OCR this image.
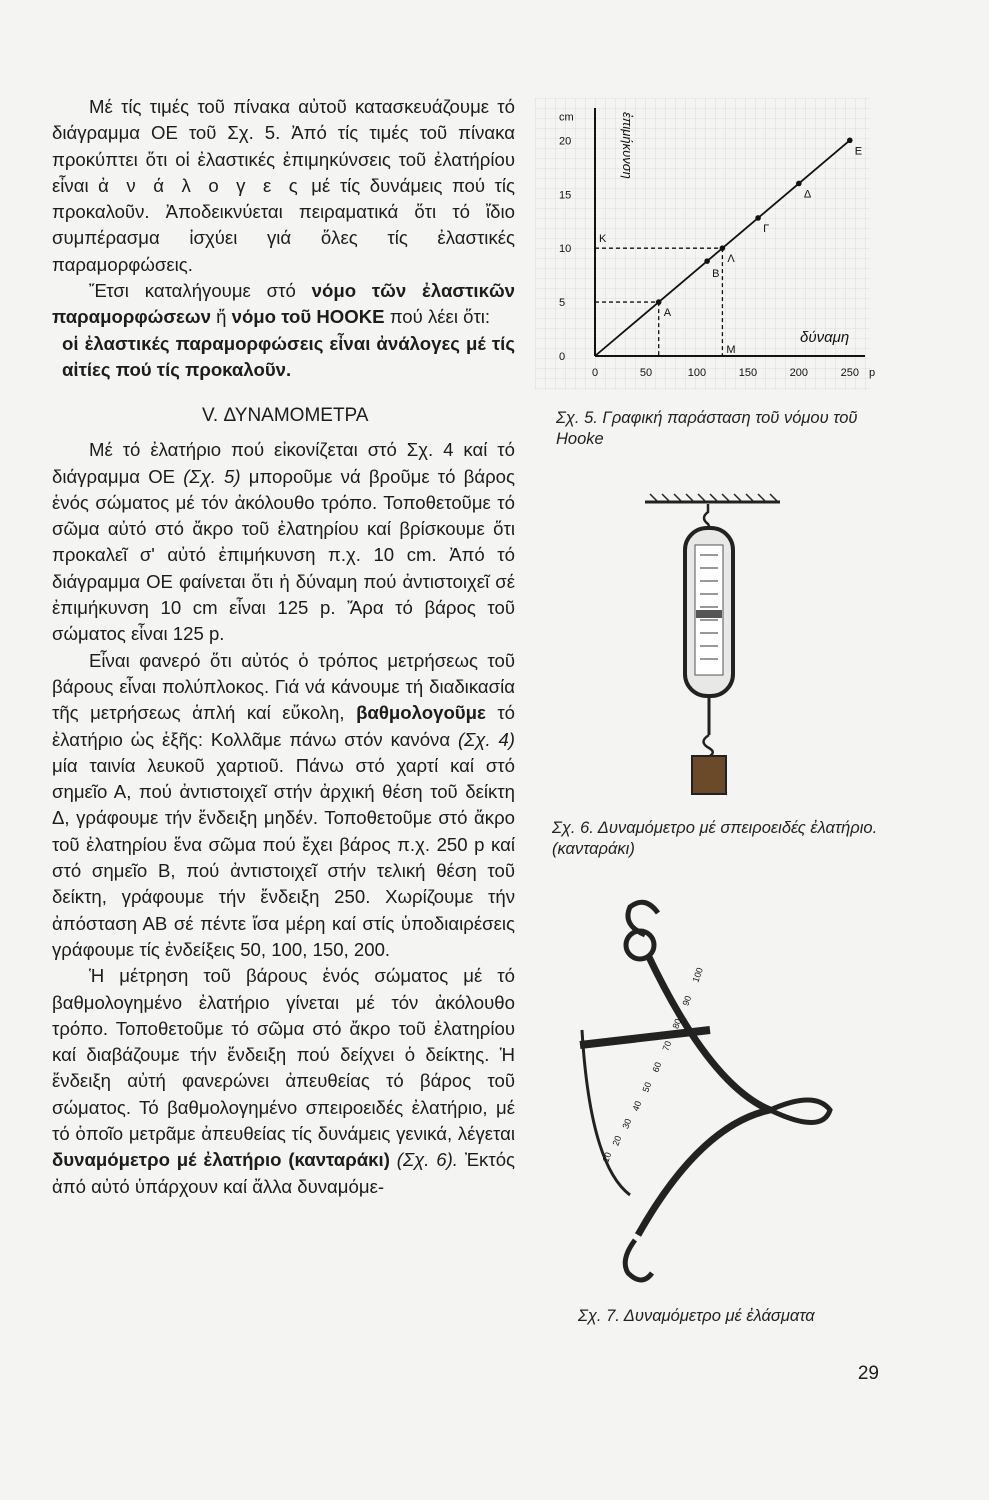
Μέ τίς τιμές τοῦ πίνακα αὐτοῦ κατασκευάζουμε τό διάγραμμα ΟΕ τοῦ Σχ. 5. Ἀπό τίς τιμές τοῦ πίνακα προκύπτει ὅτι οἱ ἐλαστικές ἐπιμηκύνσεις τοῦ ἐλατήρίου εἶναι ἀ ν ά λ ο γ ε ς μέ τίς δυνάμεις πού τίς προκαλοῦν. Ἀποδεικνύεται πειραματικά ὅτι τό ἴδιο συμπέρασμα ἰσχύει γιά ὅλες τίς ἐλαστικές παραμορφώσεις.

Ἔτσι καταλήγουμε στό νόμο τῶν ἐλαστικῶν παραμορφώσεων ἤ νόμο τοῦ HOOKE πού λέει ὅτι:

οἱ ἐλαστικές παραμορφώσεις εἶναι ἀνάλογες μέ τίς αἰτίες πού τίς προκαλοῦν.

V. ΔΥΝΑΜΟΜΕΤΡΑ

Μέ τό ἐλατήριο πού εἰκονίζεται στό Σχ. 4 καί τό διάγραμμα ΟΕ (Σχ. 5) μποροῦμε νά βροῦμε τό βάρος ἑνός σώματος μέ τόν ἀκόλουθο τρόπο. Τοποθετοῦμε τό σῶμα αὐτό στό ἄκρο τοῦ ἐλατηρίου καί βρίσκουμε ὅτι προκαλεῖ σ' αὐτό ἐπιμήκυνση π.χ. 10 cm. Ἀπό τό διάγραμμα ΟΕ φαίνεται ὅτι ἡ δύναμη πού ἀντιστοιχεῖ σέ ἐπιμήκυνση 10 cm εἶναι 125 p. Ἄρα τό βάρος τοῦ σώματος εἶναι 125 p.

Εἶναι φανερό ὅτι αὐτός ὁ τρόπος μετρήσεως τοῦ βάρους εἶναι πολύπλοκος. Γιά νά κάνουμε τή διαδικασία τῆς μετρήσεως ἁπλή καί εὔκολη, βαθμολογοῦμε τό ἐλατήριο ὡς ἑξῆς: Κολλᾶμε πάνω στόν κανόνα (Σχ. 4) μία ταινία λευκοῦ χαρτιοῦ. Πάνω στό χαρτί καί στό σημεῖο Α, πού ἀντιστοιχεῖ στήν ἀρχική θέση τοῦ δείκτη Δ, γράφουμε τήν ἔνδειξη μηδέν. Τοποθετοῦμε στό ἄκρο τοῦ ἐλατηρίου ἕνα σῶμα πού ἔχει βάρος π.χ. 250 p καί στό σημεῖο Β, πού ἀντιστοιχεῖ στήν τελική θέση τοῦ δείκτη, γράφουμε τήν ἔνδειξη 250. Χωρίζουμε τήν ἀπόσταση ΑΒ σέ πέντε ἴσα μέρη καί στίς ὑποδιαιρέσεις γράφουμε τίς ἐνδείξεις 50, 100, 150, 200.

Ἡ μέτρηση τοῦ βάρους ἑνός σώματος μέ τό βαθμολογημένο ἐλατήριο γίνεται μέ τόν ἀκόλουθο τρόπο. Τοποθετοῦμε τό σῶμα στό ἄκρο τοῦ ἐλατηρίου καί διαβάζουμε τήν ἔνδειξη πού δείχνει ὁ δείκτης. Ἡ ἔνδειξη αὐτή φανερώνει ἀπευθείας τό βάρος τοῦ σώματος. Τό βαθμολογημένο σπειροειδές ἐλατήριο, μέ τό ὁποῖο μετρᾶμε ἀπευθείας τίς δυνάμεις γενικά, λέγεται δυναμόμετρο μέ ἐλατήριο (κανταράκι) (Σχ. 6). Ἐκτός ἀπό αὐτό ὑπάρχουν καί ἄλλα δυναμόμε-

Α
Β
Λ
Γ
Δ
Ε
Κ
Μ
0
5
10
15
20
cm
0	50	100	150	200	250 p
δύναμη
ἐπιμήκυνση
Σχ. 5. Γραφική παράσταση τοῦ νόμου τοῦ Hooke
Σχ. 6. Δυναμόμετρο μέ σπειροειδές ἐλατήριο. (κανταράκι)
10
20
30
40
50
60
70
80
90
100
Σχ. 7. Δυναμόμετρο μέ ἐλάσματα
29
